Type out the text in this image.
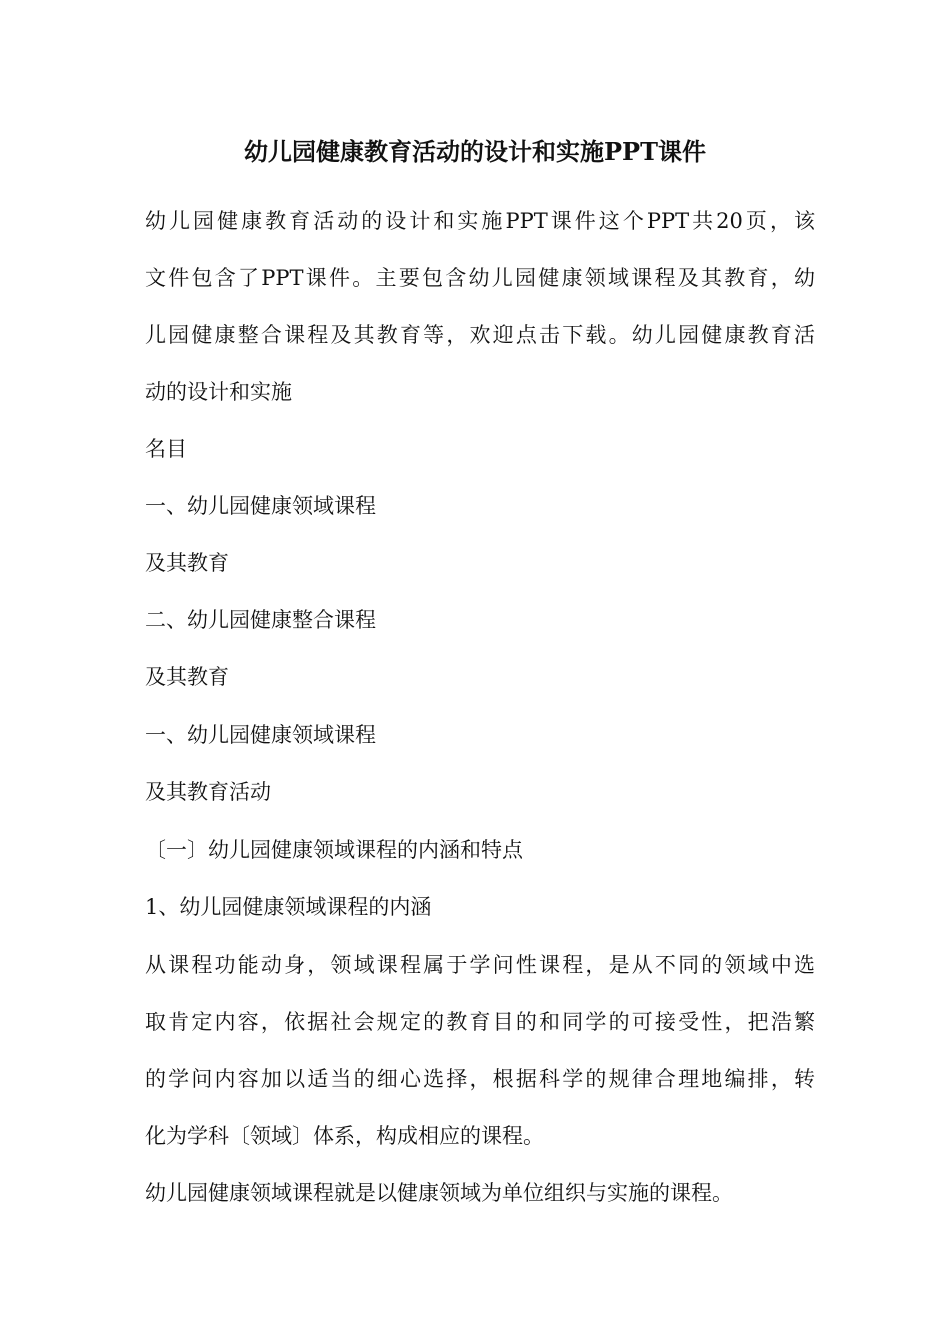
幼儿园健康教育活动的设计和实施PPT课件

幼儿园健康教育活动的设计和实施PPT课件这个PPT共20页，该

文件包含了PPT课件。主要包含幼儿园健康领域课程及其教育，幼

儿园健康整合课程及其教育等，欢迎点击下载。幼儿园健康教育活

动的设计和实施

名目

一、幼儿园健康领域课程

及其教育

二、幼儿园健康整合课程

及其教育

一、幼儿园健康领域课程

及其教育活动

〔一〕幼儿园健康领域课程的内涵和特点

1、幼儿园健康领域课程的内涵

从课程功能动身，领域课程属于学问性课程，是从不同的领域中选

取肯定内容，依据社会规定的教育目的和同学的可接受性，把浩繁

的学问内容加以适当的细心选择，根据科学的规律合理地编排，转

化为学科〔领域〕体系，构成相应的课程。

幼儿园健康领域课程就是以健康领域为单位组织与实施的课程。
